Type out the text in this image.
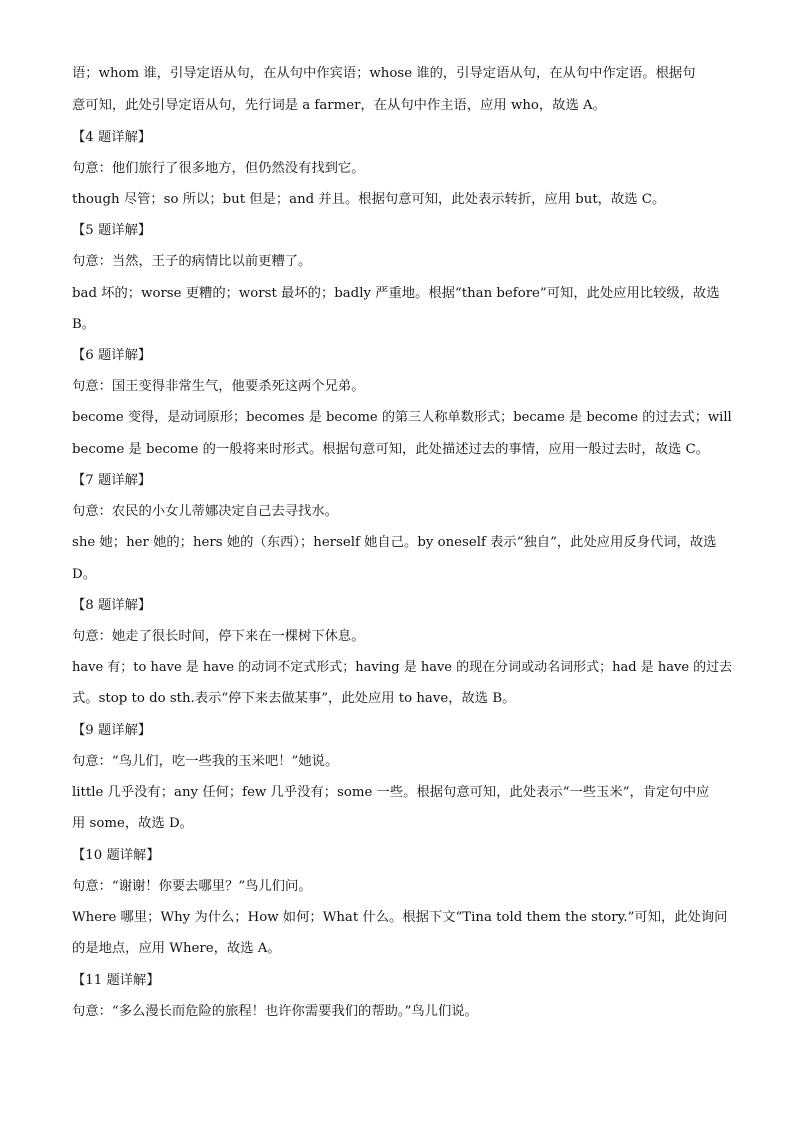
语；whom 谁，引导定语从句，在从句中作宾语；whose 谁的，引导定语从句，在从句中作定语。根据句
意可知，此处引导定语从句，先行词是 a farmer，在从句中作主语，应用 who，故选 A。
【4 题详解】
句意：他们旅行了很多地方，但仍然没有找到它。
though 尽管；so 所以；but 但是；and 并且。根据句意可知，此处表示转折，应用 but，故选 C。
【5 题详解】
句意：当然，王子的病情比以前更糟了。
bad 坏的；worse 更糟的；worst 最坏的；badly 严重地。根据“than before”可知，此处应用比较级，故选
B。
【6 题详解】
句意：国王变得非常生气，他要杀死这两个兄弟。
become 变得，是动词原形；becomes 是 become 的第三人称单数形式；became 是 become 的过去式；will
become 是 become 的一般将来时形式。根据句意可知，此处描述过去的事情，应用一般过去时，故选 C。
【7 题详解】
句意：农民的小女儿蒂娜决定自己去寻找水。
she 她；her 她的；hers 她的（东西）；herself 她自己。by oneself 表示“独自”，此处应用反身代词，故选
D。
【8 题详解】
句意：她走了很长时间，停下来在一棵树下休息。
have 有；to have 是 have 的动词不定式形式；having 是 have 的现在分词或动名词形式；had 是 have 的过去
式。stop to do sth.表示“停下来去做某事”，此处应用 to have，故选 B。
【9 题详解】
句意：“鸟儿们，吃一些我的玉米吧！”她说。
little 几乎没有；any 任何；few 几乎没有；some 一些。根据句意可知，此处表示“一些玉米”，肯定句中应
用 some，故选 D。
【10 题详解】
句意：“谢谢！你要去哪里？”鸟儿们问。
Where 哪里；Why 为什么；How 如何；What 什么。根据下文“Tina told them the story.”可知，此处询问
的是地点，应用 Where，故选 A。
【11 题详解】
句意：“多么漫长而危险的旅程！也许你需要我们的帮助。”鸟儿们说。
